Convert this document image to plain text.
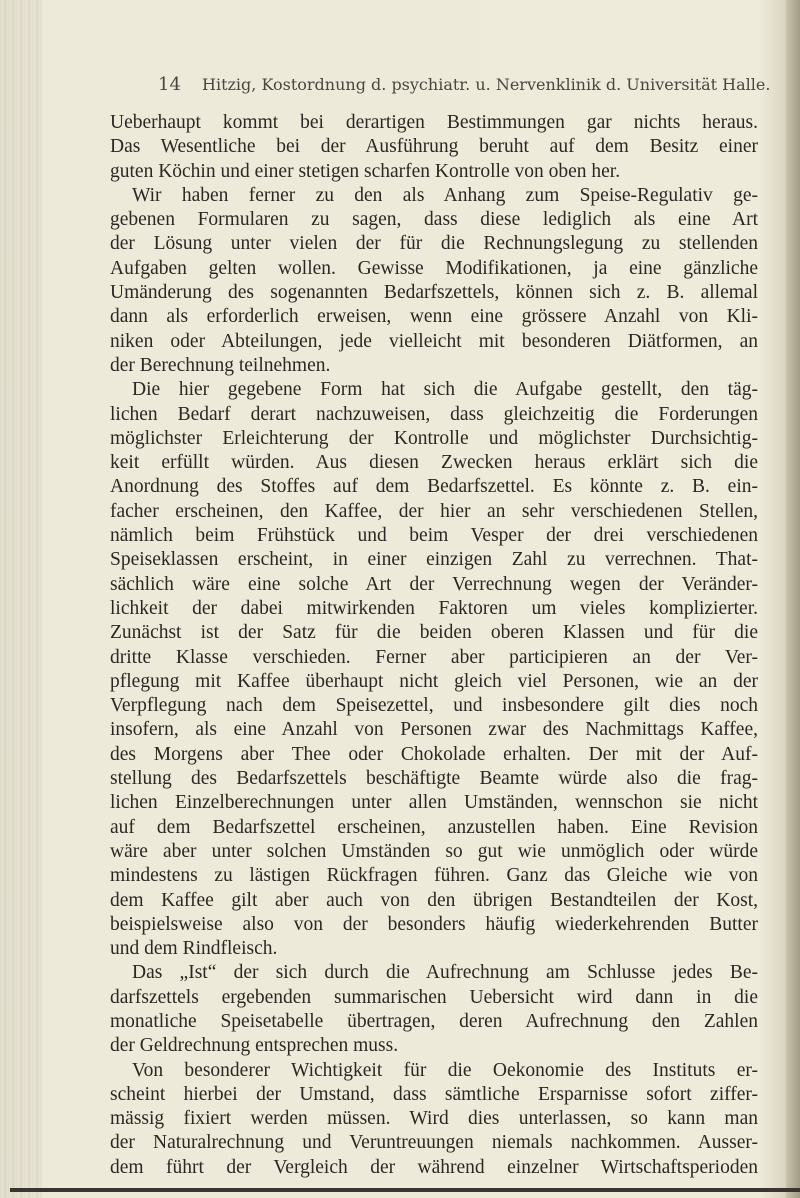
14 Hitzig, Kostordnung d. psychiatr. u. Nervenklinik d. Universität Halle.

Ueberhaupt kommt bei derartigen Bestimmungen gar nichts heraus.
Das Wesentliche bei der Ausführung beruht auf dem Besitz einer
guten Köchin und einer stetigen scharfen Kontrolle von oben her.

Wir haben ferner zu den als Anhang zum Speise-Regulativ ge-
gebenen Formularen zu sagen, dass diese lediglich als eine Art
der Lösung unter vielen der für die Rechnungslegung zu stellenden
Aufgaben gelten wollen. Gewisse Modifikationen, ja eine gänzliche
Umänderung des sogenannten Bedarfszettels, können sich z. B. allemal
dann als erforderlich erweisen, wenn eine grössere Anzahl von Kli-
niken oder Abteilungen, jede vielleicht mit besonderen Diätformen, an
der Berechnung teilnehmen.

Die hier gegebene Form hat sich die Aufgabe gestellt, den täg-
lichen Bedarf derart nachzuweisen, dass gleichzeitig die Forderungen
möglichster Erleichterung der Kontrolle und möglichster Durchsichtig-
keit erfüllt würden. Aus diesen Zwecken heraus erklärt sich die
Anordnung des Stoffes auf dem Bedarfszettel. Es könnte z. B. ein-
facher erscheinen, den Kaffee, der hier an sehr verschiedenen Stellen,
nämlich beim Frühstück und beim Vesper der drei verschiedenen
Speiseklassen erscheint, in einer einzigen Zahl zu verrechnen. That-
sächlich wäre eine solche Art der Verrechnung wegen der Veränder-
lichkeit der dabei mitwirkenden Faktoren um vieles komplizierter.
Zunächst ist der Satz für die beiden oberen Klassen und für die
dritte Klasse verschieden. Ferner aber participieren an der Ver-
pflegung mit Kaffee überhaupt nicht gleich viel Personen, wie an der
Verpflegung nach dem Speisezettel, und insbesondere gilt dies noch
insofern, als eine Anzahl von Personen zwar des Nachmittags Kaffee,
des Morgens aber Thee oder Chokolade erhalten. Der mit der Auf-
stellung des Bedarfszettels beschäftigte Beamte würde also die frag-
lichen Einzelberechnungen unter allen Umständen, wennschon sie nicht
auf dem Bedarfszettel erscheinen, anzustellen haben. Eine Revision
wäre aber unter solchen Umständen so gut wie unmöglich oder würde
mindestens zu lästigen Rückfragen führen. Ganz das Gleiche wie von
dem Kaffee gilt aber auch von den übrigen Bestandteilen der Kost,
beispielsweise also von der besonders häufig wiederkehrenden Butter
und dem Rindfleisch.

Das „Ist“ der sich durch die Aufrechnung am Schlusse jedes Be-
darfszettels ergebenden summarischen Uebersicht wird dann in die
monatliche Speisetabelle übertragen, deren Aufrechnung den Zahlen
der Geldrechnung entsprechen muss.

Von besonderer Wichtigkeit für die Oekonomie des Instituts er-
scheint hierbei der Umstand, dass sämtliche Ersparnisse sofort ziffer-
mässig fixiert werden müssen. Wird dies unterlassen, so kann man
der Naturalrechnung und Veruntreuungen niemals nachkommen. Ausser-
dem führt der Vergleich der während einzelner Wirtschaftsperioden
